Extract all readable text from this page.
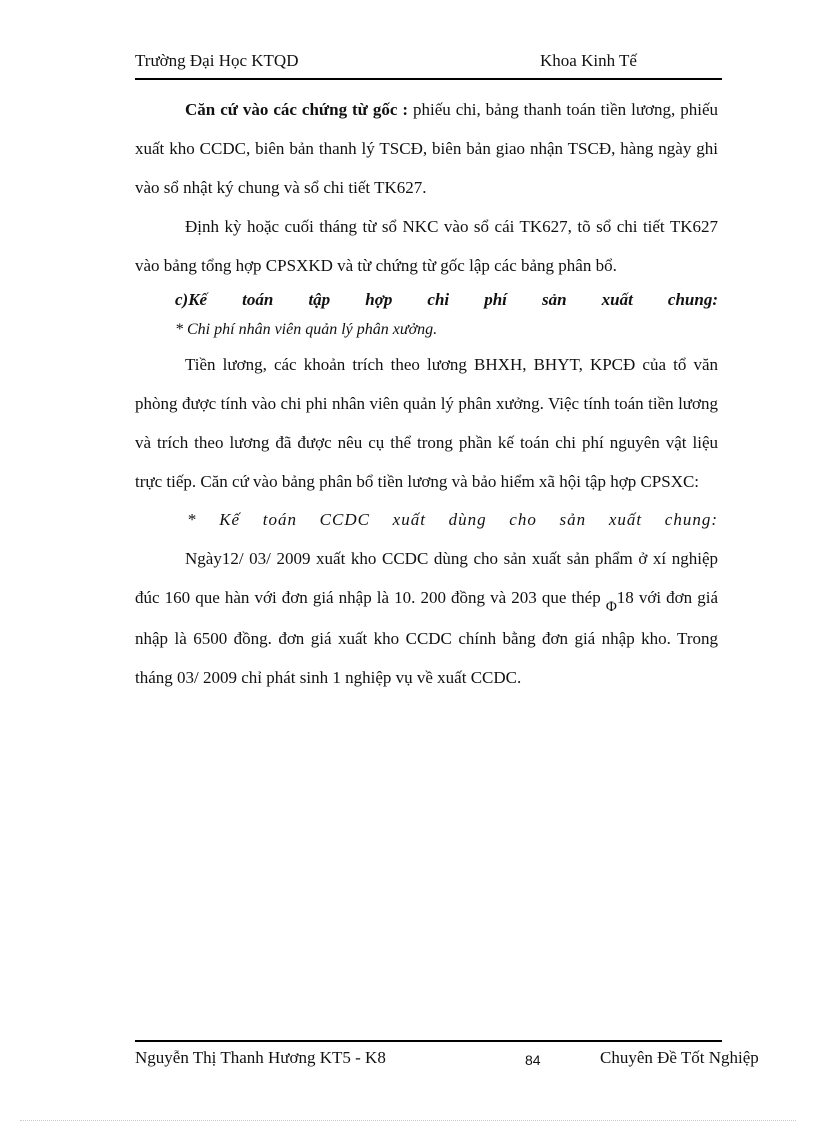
Trường Đại Học KTQD	Khoa Kinh Tế

Căn cứ vào các chứng từ gốc : phiếu chi, bảng thanh toán tiền lương, phiếu xuất kho CCDC, biên bản thanh lý TSCĐ, biên bản giao nhận TSCĐ, hàng ngày ghi vào sổ nhật ký chung và sổ chi tiết TK627.

Định kỳ hoặc cuối tháng từ sổ NKC vào sổ cái TK627, tõ sổ chi tiết TK627 vào bảng tổng hợp CPSXKD và từ chứng từ gốc lập các bảng phân bổ.

c)Kế toán tập hợp chi phí sản xuất chung:

* Chi phí nhân viên quản lý phân xưởng.

Tiền lương, các khoản trích theo lương BHXH, BHYT, KPCĐ của tổ văn phòng được tính vào chi phi nhân viên quản lý phân xưởng. Việc tính toán tiền lương và trích theo lương đã được nêu cụ thể trong phần kế toán chi phí nguyên vật liệu trực tiếp. Căn cứ vào bảng phân bổ tiền lương và bảo hiểm xã hội tập hợp CPSXC:

* Kế toán CCDC xuất dùng cho sản xuất chung:

Ngày12/ 03/ 2009 xuất kho CCDC dùng cho sản xuất sản phẩm ở xí nghiệp đúc 160 que hàn với đơn giá nhập là 10. 200 đồng và 203 que thép Φ18 với đơn giá nhập là 6500 đồng. đơn giá xuất kho CCDC chính bằng đơn giá nhập kho. Trong tháng 03/ 2009 chỉ phát sinh 1 nghiệp vụ về xuất CCDC.

Nguyễn Thị Thanh Hương KT5 - K8	84	Chuyên Đề Tốt Nghiệp
